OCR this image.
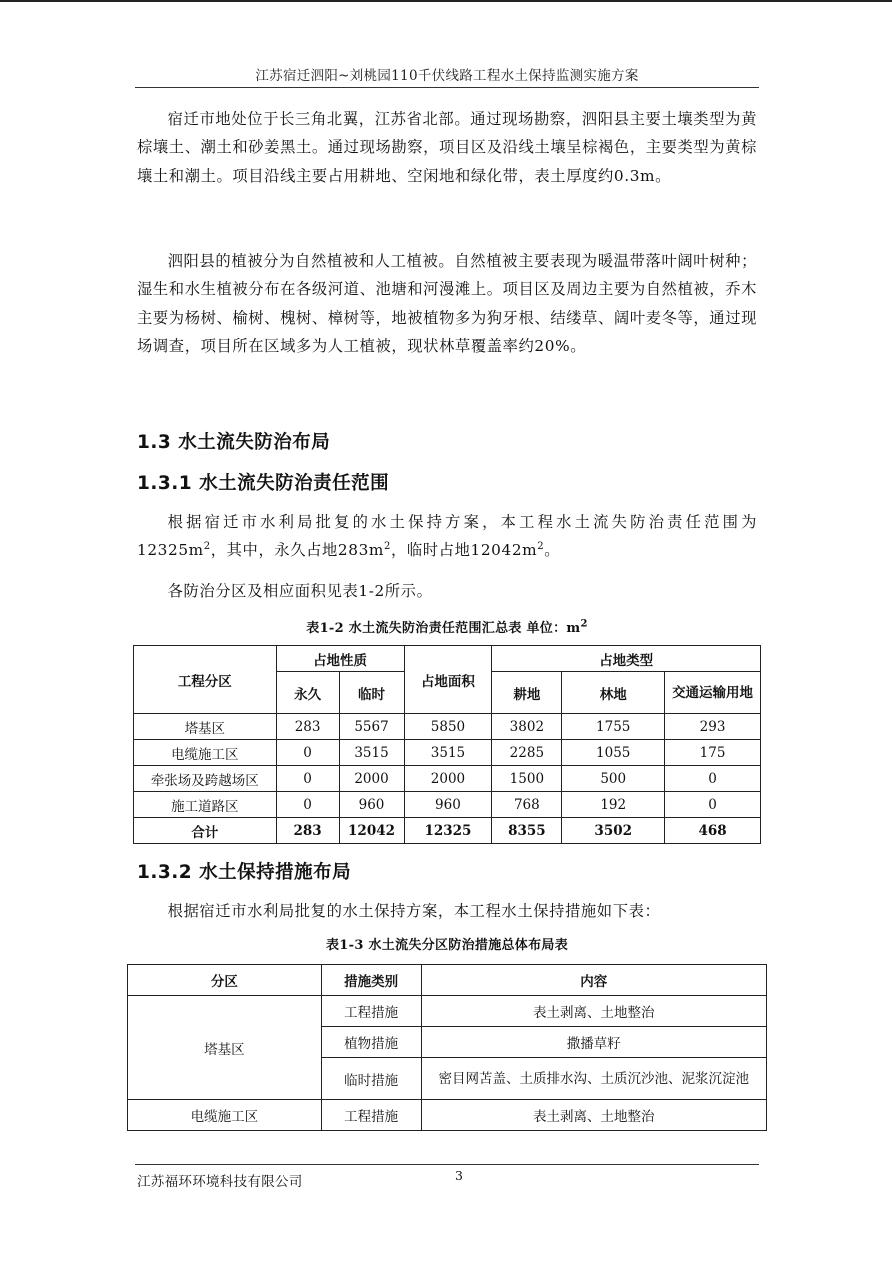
江苏宿迁泗阳~刘桃园110千伏线路工程水土保持监测实施方案
宿迁市地处位于长三角北翼，江苏省北部。通过现场勘察，泗阳县主要土壤类型为黄棕壤土、潮土和砂姜黑土。通过现场勘察，项目区及沿线土壤呈棕褐色，主要类型为黄棕壤土和潮土。项目沿线主要占用耕地、空闲地和绿化带，表土厚度约0.3m。
泗阳县的植被分为自然植被和人工植被。自然植被主要表现为暖温带落叶阔叶树种；湿生和水生植被分布在各级河道、池塘和河漫滩上。项目区及周边主要为自然植被，乔木主要为杨树、榆树、槐树、樟树等，地被植物多为狗牙根、结缕草、阔叶麦冬等，通过现场调查，项目所在区域多为人工植被，现状林草覆盖率约20%。
1.3 水土流失防治布局
1.3.1 水土流失防治责任范围
根据宿迁市水利局批复的水土保持方案，本工程水土流失防治责任范围为$12325m^2$，其中，永久占地$283m^2$，临时占地$12042m^2$。
各防治分区及相应面积见表1-2所示。
表1-2 水土流失防治责任范围汇总表 单位：$m^2$
工程分区	占地性质		占地面积	占地类型		
	永久	临时		耕地	林地	交通运输用地
塔基区	283	5567	5850	3802	1755	293
电缆施工区	0	3515	3515	2285	1055	175
牵张场及跨越场区	0	2000	2000	1500	500	0
施工道路区	0	960	960	768	192	0
合计	283	12042	12325	8355	3502	468
1.3.2 水土保持措施布局
根据宿迁市水利局批复的水土保持方案，本工程水土保持措施如下表：
表1-3 水土流失分区防治措施总体布局表
分区	措施类别	内容
塔基区	工程措施	表土剥离、土地整治
	植物措施	撒播草籽
	临时措施	密目网苫盖、土质排水沟、土质沉沙池、泥浆沉淀池
电缆施工区	工程措施	表土剥离、土地整治
江苏福环环境科技有限公司	3
